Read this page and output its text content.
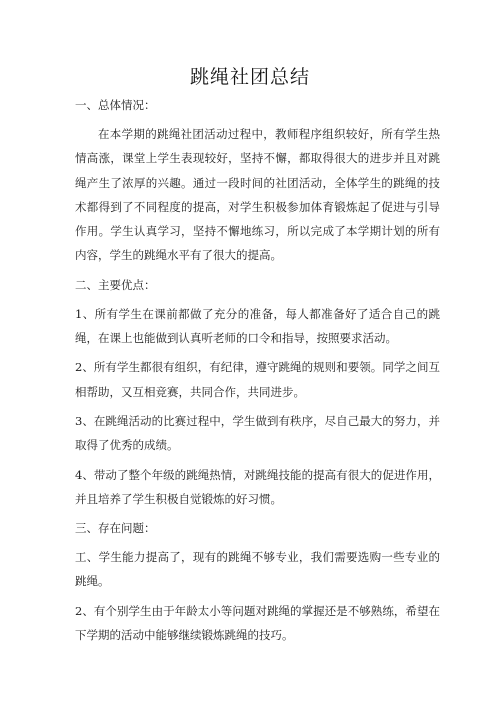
跳绳社团总结
一、总体情况：
在本学期的跳绳社团活动过程中，教师程序组织较好，所有学生热情高涨，课堂上学生表现较好，坚持不懈，都取得很大的进步并且对跳绳产生了浓厚的兴趣。通过一段时间的社团活动，全体学生的跳绳的技术都得到了不同程度的提高，对学生积极参加体育锻炼起了促进与引导作用。学生认真学习，坚持不懈地练习，所以完成了本学期计划的所有内容，学生的跳绳水平有了很大的提高。
二、主要优点：
1、所有学生在课前都做了充分的准备，每人都准备好了适合自己的跳绳，在课上也能做到认真听老师的口令和指导，按照要求活动。
2、所有学生都很有组织，有纪律，遵守跳绳的规则和要领。同学之间互相帮助，又互相竞赛，共同合作，共同进步。
3、在跳绳活动的比赛过程中，学生做到有秩序，尽自己最大的努力，并取得了优秀的成绩。
4、带动了整个年级的跳绳热情，对跳绳技能的提高有很大的促进作用，并且培养了学生积极自觉锻炼的好习惯。
三、存在问题：
工、学生能力提高了，现有的跳绳不够专业，我们需要选购一些专业的跳绳。
2、有个别学生由于年龄太小等问题对跳绳的掌握还是不够熟练，希望在下学期的活动中能够继续锻炼跳绳的技巧。
